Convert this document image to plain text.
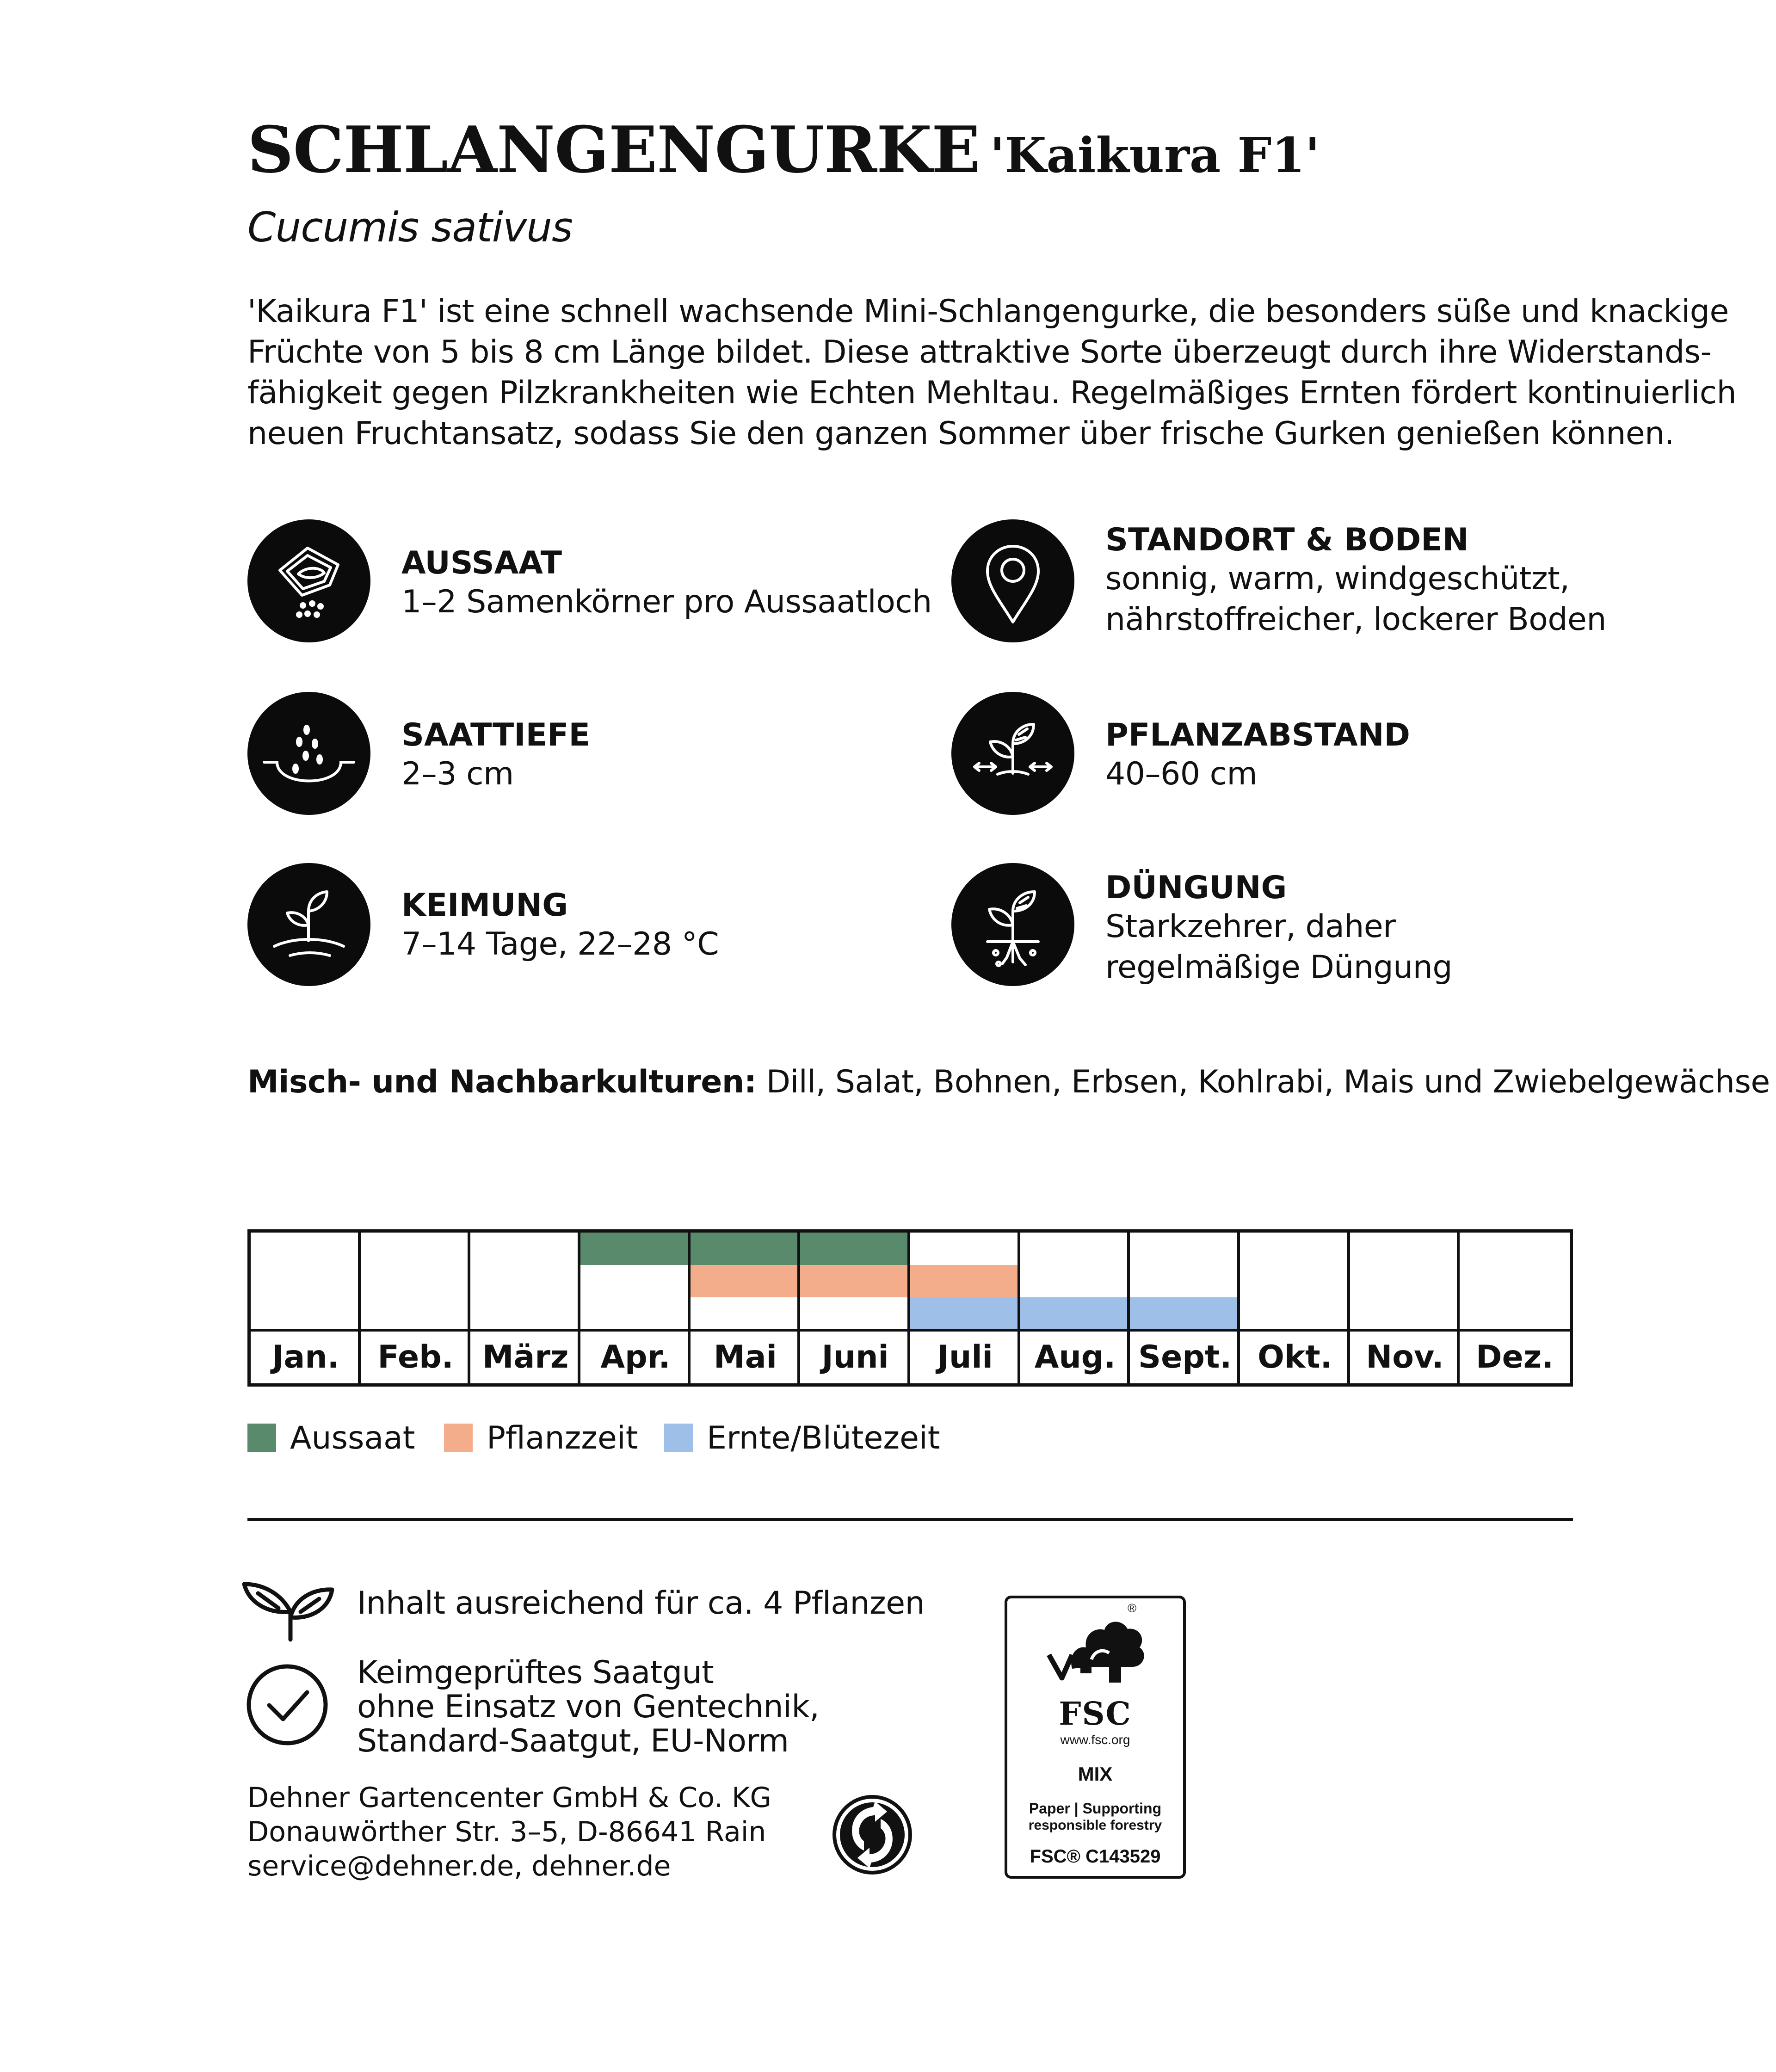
SCHLANGENGURKE 'Kaikura F1'
Cucumis sativus
'Kaikura F1' ist eine schnell wachsende Mini-Schlangengurke, die besonders süße und knackige
Früchte von 5 bis 8 cm Länge bildet. Diese attraktive Sorte überzeugt durch ihre Widerstands-
fähigkeit gegen Pilzkrankheiten wie Echten Mehltau. Regelmäßiges Ernten fördert kontinuierlich
neuen Fruchtansatz, sodass Sie den ganzen Sommer über frische Gurken genießen können.
AUSSAAT
1–2 Samenkörner pro Aussaatloch
SAATTIEFE
2–3 cm
KEIMUNG
7–14 Tage, 22–28 °C
STANDORT & BODEN
sonnig, warm, windgeschützt,
nährstoffreicher, lockerer Boden
PFLANZABSTAND
40–60 cm
DÜNGUNG
Starkzehrer, daher
regelmäßige Düngung
Misch- und Nachbarkulturen: Dill, Salat, Bohnen, Erbsen, Kohlrabi, Mais und Zwiebelgewächse
Jan.	Feb. März	Apr.	Mai	Juni	Juli	Aug. Sept. Okt.	Nov.	Dez.
Aussaat	Pflanzzeit	Ernte/Blütezeit
Inhalt ausreichend für ca. 4 Pflanzen
Keimgeprüftes Saatgut
ohne Einsatz von Gentechnik,
Standard-Saatgut, EU-Norm
Dehner Gartencenter GmbH & Co. KG
Donauwörther Str. 3–5, D-86641 Rain
service@dehner.de, dehner.de
®
FSC
www.fsc.org
MIX
Paper | Supporting
responsible forestry
FSC® C143529
